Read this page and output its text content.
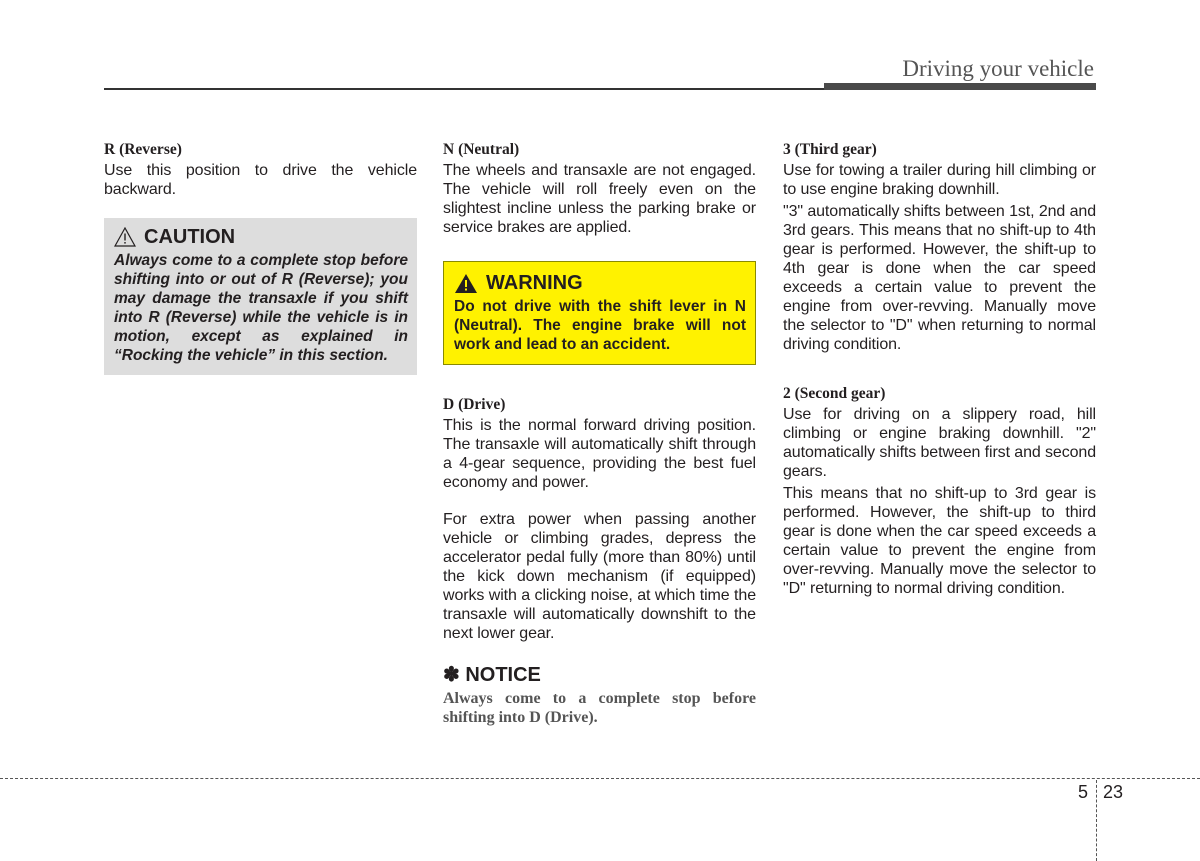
Driving your vehicle
R (Reverse)

Use this position to drive the vehicle backward.

CAUTION
Always come to a complete stop before shifting into or out of R (Reverse); you may damage the transaxle if you shift into R (Reverse) while the vehicle is in motion, except as explained in “Rocking the vehicle” in this section.
N (Neutral)

The wheels and transaxle are not engaged. The vehicle will roll freely even on the slightest incline unless the parking brake or service brakes are applied.

WARNING
Do not drive with the shift lever in N (Neutral). The engine brake will not work and lead to an accident.
D (Drive)

This is the normal forward driving position. The transaxle will automatically shift through a 4-gear sequence, providing the best fuel economy and power.

For extra power when passing another vehicle or climbing grades, depress the accelerator pedal fully (more than 80%) until the kick down mechanism (if equipped) works with a clicking noise, at which time the transaxle will automatically downshift to the next lower gear.

✽ NOTICE
Always come to a complete stop before shifting into D (Drive).
3 (Third gear)

Use for towing a trailer during hill climbing or to use engine braking downhill.

"3" automatically shifts between 1st, 2nd and 3rd gears. This means that no shift-up to 4th gear is performed. However, the shift-up to 4th gear is done when the car speed exceeds a certain value to prevent the engine from over-revving. Manually move the selector to "D" when returning to normal driving condition.

2 (Second gear)

Use for driving on a slippery road, hill climbing or engine braking downhill. "2" automatically shifts between first and second gears.

This means that no shift-up to 3rd gear is performed. However, the shift-up to third gear is done when the car speed exceeds a certain value to prevent the engine from over-revving. Manually move the selector to "D" returning to normal driving condition.

5 23
